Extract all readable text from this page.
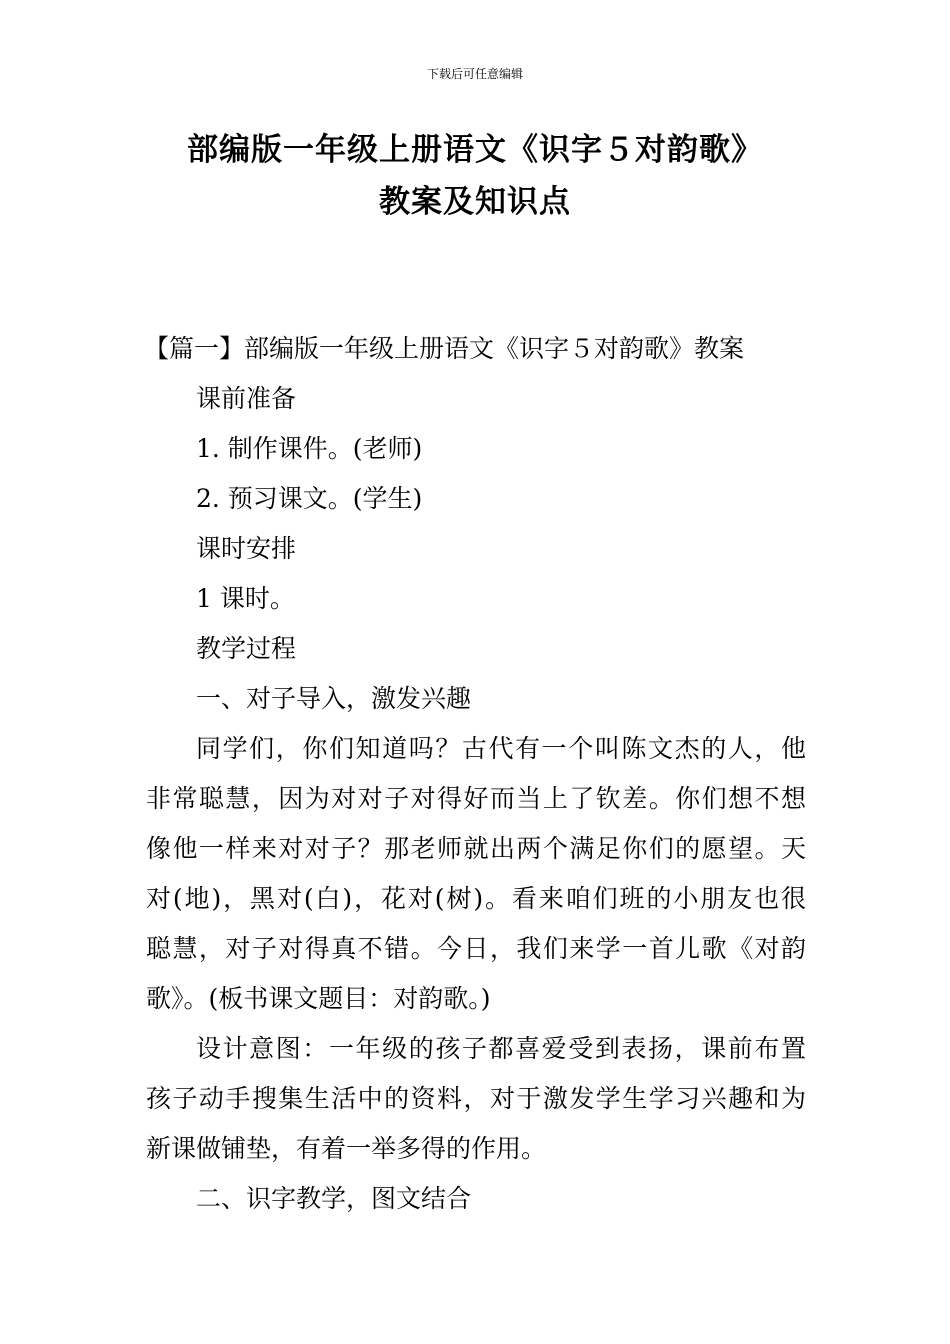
下载后可任意编辑
部编版一年级上册语文《识字５对韵歌》
教案及知识点
【篇一】部编版一年级上册语文《识字５对韵歌》教案
课前准备
1. 制作课件。(老师)
2. 预习课文。(学生)
课时安排
1 课时。
教学过程
一、对子导入，激发兴趣
同学们，你们知道吗？古代有一个叫陈文杰的人，他
非常聪慧，因为对对子对得好而当上了钦差。你们想不想
像他一样来对对子？那老师就出两个满足你们的愿望。天
对(地)，黑对(白)，花对(树)。看来咱们班的小朋友也很
聪慧，对子对得真不错。今日，我们来学一首儿歌《对韵
歌》。(板书课文题目：对韵歌。)
设计意图：一年级的孩子都喜爱受到表扬，课前布置
孩子动手搜集生活中的资料，对于激发学生学习兴趣和为
新课做铺垫，有着一举多得的作用。
二、识字教学，图文结合
